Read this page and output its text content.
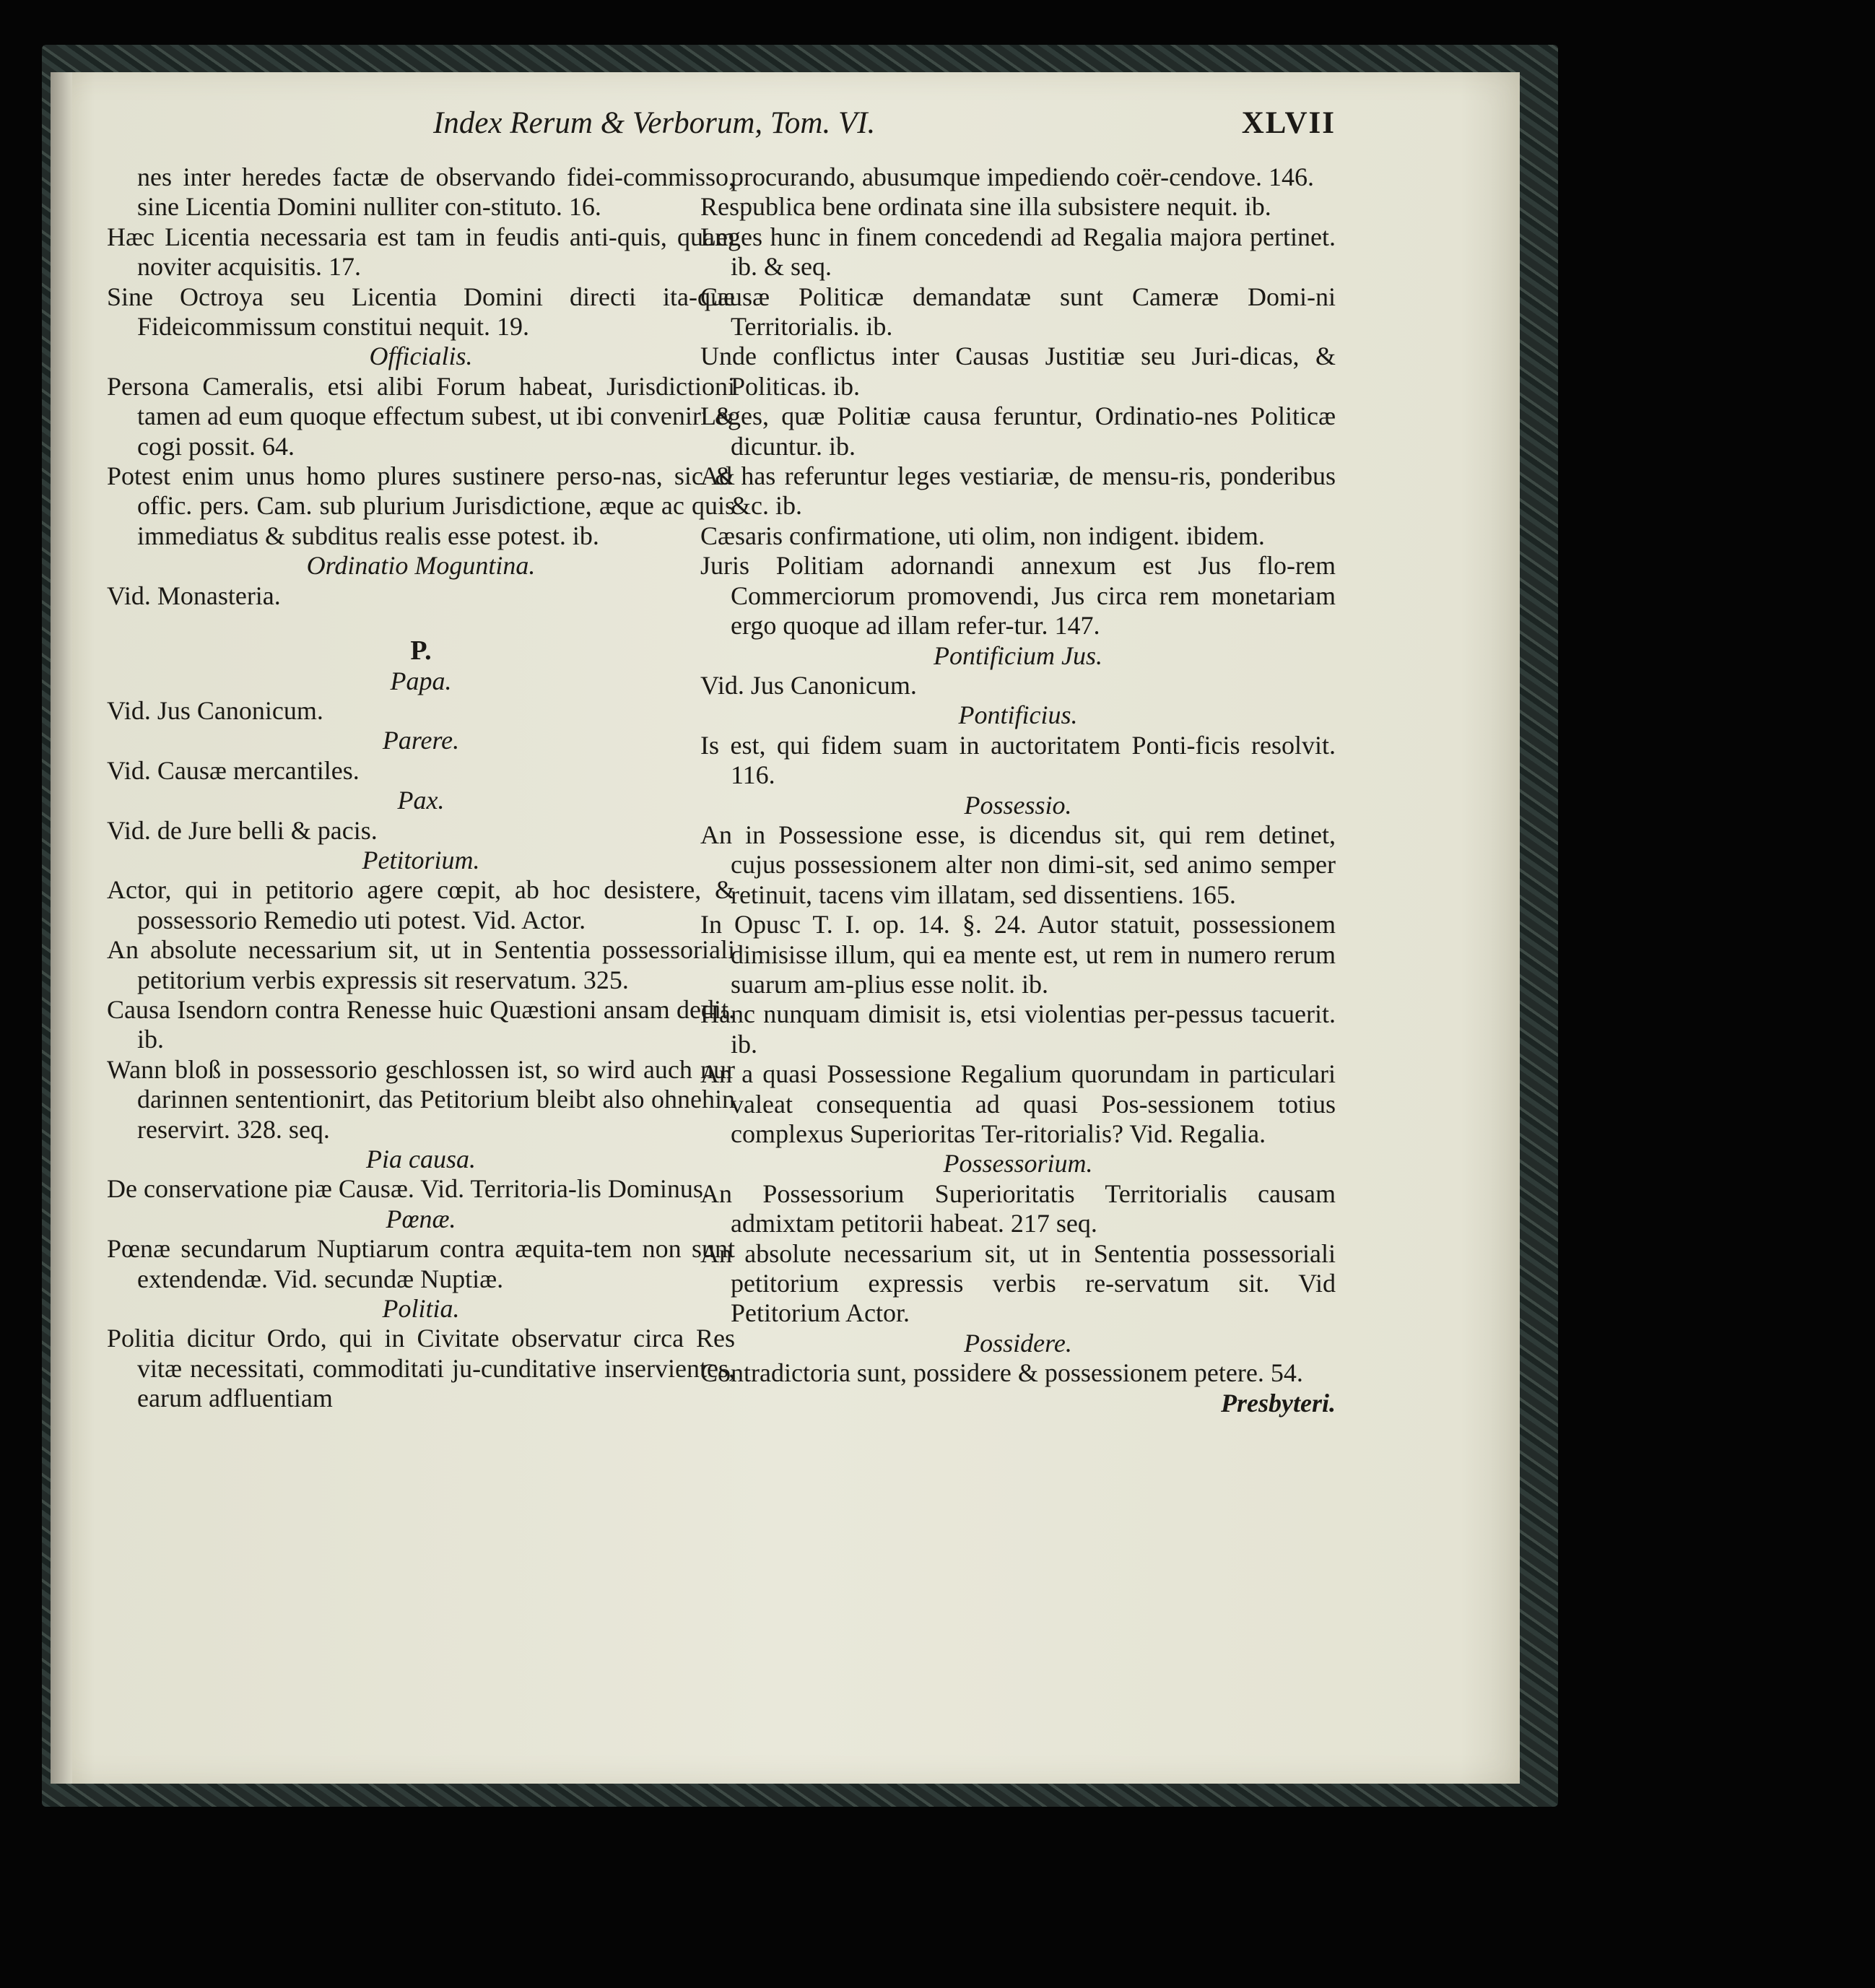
Index Rerum & Verborum, Tom. VI.	XLVII

nes inter heredes factæ de observando fidei-commisso, sine Licentia Domini nulliter con-stituto. 16.

Hæc Licentia necessaria est tam in feudis anti-quis, quam noviter acquisitis. 17.

Sine Octroya seu Licentia Domini directi ita-que Fideicommissum constitui nequit. 19.

Officialis.

Persona Cameralis, etsi alibi Forum habeat, Jurisdictioni tamen ad eum quoque effectum subest, ut ibi conveniri & cogi possit. 64.

Potest enim unus homo plures sustinere perso-nas, sic & offic. pers. Cam. sub plurium Jurisdictione, æque ac quis immediatus & subditus realis esse potest. ib.

Ordinatio Moguntina.

Vid. Monasteria.

P.

Papa.

Vid. Jus Canonicum.

Parere.

Vid. Causæ mercantiles.

Pax.

Vid. de Jure belli & pacis.

Petitorium.

Actor, qui in petitorio agere cœpit, ab hoc desistere, & possessorio Remedio uti potest. Vid. Actor.

An absolute necessarium sit, ut in Sententia possessoriali petitorium verbis expressis sit reservatum. 325.

Causa Isendorn contra Renesse huic Quæstioni ansam dedit. ib.

Wann bloß in possessorio geschlossen ist, so wird auch nur darinnen sententionirt, das Petitorium bleibt also ohnehin reservirt. 328. seq.

Pia causa.

De conservatione piæ Causæ. Vid. Territoria-lis Dominus.

Pœnæ.

Pœnæ secundarum Nuptiarum contra æquita-tem non sunt extendendæ. Vid. secundæ Nuptiæ.

Politia.

Politia dicitur Ordo, qui in Civitate observatur circa Res vitæ necessitati, commoditati ju-cunditative inservientes, earum adfluentiam

procurando, abusumque impediendo coër-cendove. 146.

Respublica bene ordinata sine illa subsistere nequit. ib.

Leges hunc in finem concedendi ad Regalia majora pertinet. ib. & seq.

Causæ Politicæ demandatæ sunt Cameræ Domi-ni Territorialis. ib.

Unde conflictus inter Causas Justitiæ seu Juri-dicas, & Politicas. ib.

Leges, quæ Politiæ causa feruntur, Ordinatio-nes Politicæ dicuntur. ib.

Ad has referuntur leges vestiariæ, de mensu-ris, ponderibus &c. ib.

Cæsaris confirmatione, uti olim, non indigent. ibidem.

Juris Politiam adornandi annexum est Jus flo-rem Commerciorum promovendi, Jus circa rem monetariam ergo quoque ad illam refer-tur. 147.

Pontificium Jus.

Vid. Jus Canonicum.

Pontificius.

Is est, qui fidem suam in auctoritatem Ponti-ficis resolvit. 116.

Possessio.

An in Possessione esse, is dicendus sit, qui rem detinet, cujus possessionem alter non dimi-sit, sed animo semper retinuit, tacens vim illatam, sed dissentiens. 165.

In Opusc T. I. op. 14. §. 24. Autor statuit, possessionem dimisisse illum, qui ea mente est, ut rem in numero rerum suarum am-plius esse nolit. ib.

Hanc nunquam dimisit is, etsi violentias per-pessus tacuerit. ib.

An a quasi Possessione Regalium quorundam in particulari valeat consequentia ad quasi Pos-sessionem totius complexus Superioritas Ter-ritorialis? Vid. Regalia.

Possessorium.

An Possessorium Superioritatis Territorialis causam admixtam petitorii habeat. 217 seq.

An absolute necessarium sit, ut in Sententia possessoriali petitorium expressis verbis re-servatum sit. Vid Petitorium Actor.

Possidere.

Contradictoria sunt, possidere & possessionem petere. 54.

Presbyteri.
